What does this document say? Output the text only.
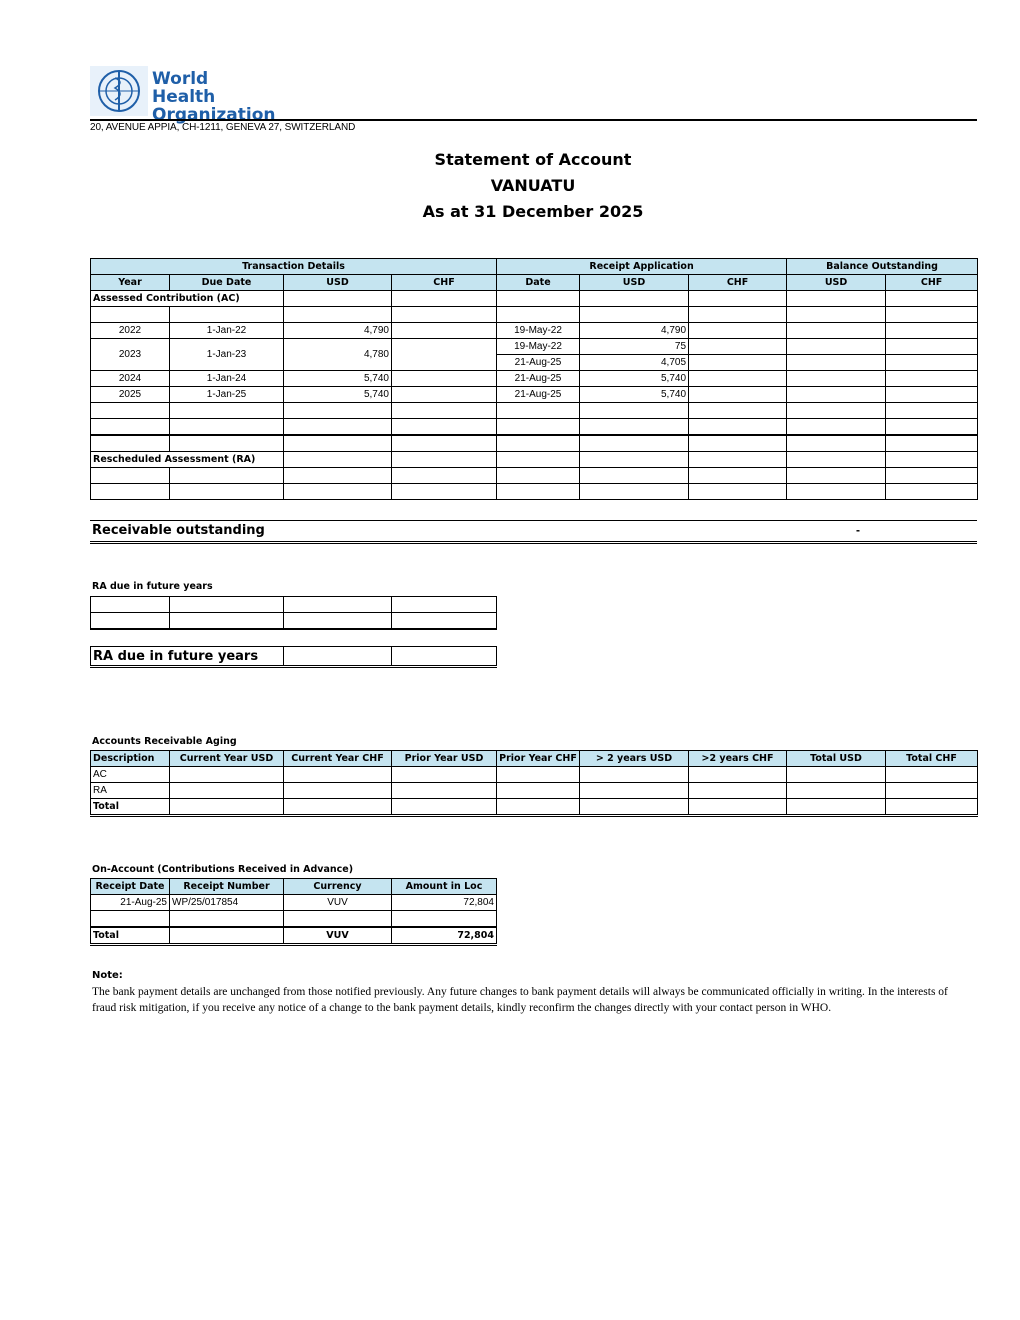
World Health
Organization
20, AVENUE APPIA, CH-1211, GENEVA 27, SWITZERLAND
Statement of Account
VANUATU
As at 31 December 2025
Transaction Details				Receipt Application			Balance Outstanding	
Year	Due Date	USD	CHF	Date	USD	CHF	USD	CHF
Assessed Contribution (AC)								

2022	1-Jan-22	4,790		19-May-22	4,790			
2023	1-Jan-23	4,780		19-May-22	75			
				21-Aug-25	4,705			
2024	1-Jan-24	5,740		21-Aug-25	5,740			
2025	1-Jan-25	5,740		21-Aug-25	5,740			

Rescheduled Assessment (RA)								

Receivable outstanding	-
RA due in future years

RA due in future years		
Accounts Receivable Aging
Description	Current Year USD	Current Year CHF	Prior Year USD	Prior Year CHF	> 2 years USD	>2 years CHF	Total USD	Total CHF
AC								
RA								
Total								
On-Account (Contributions Received in Advance)
Receipt Date	Receipt Number	Currency	Amount in Loc
21-Aug-25	WP/25/017854	VUV	72,804

Total		VUV	72,804
Note:
The bank payment details are unchanged from those notified previously. Any future changes to bank payment details will always be communicated officially in writing. In the interests of fraud risk mitigation, if you receive any notice of a change to the bank payment details, kindly reconfirm the changes directly with your contact person in WHO.
